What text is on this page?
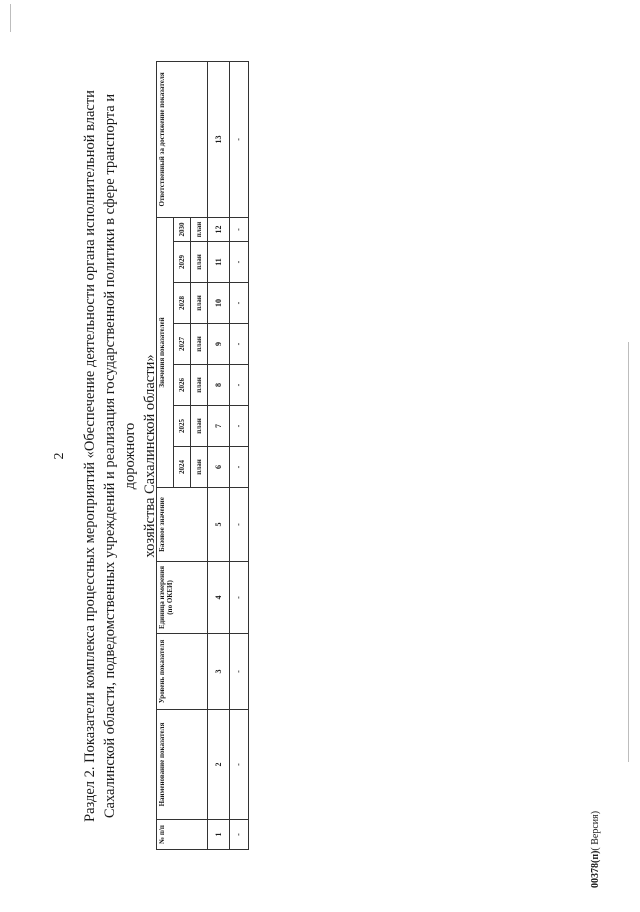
2 Раздел 2. Показатели комплекса процессных мероприятий «Обеспечение деятельности органа исполнительной власти Сахалинской области, подведомственных учреждений и реализация государственной политики в сфере транспорта и дорожного хозяйства Сахалинской области»
№ п/п	Наименование показателя	Уровень показателя	Единица измерения (по ОКЕИ)	Базовое значение	Значения показателей							Ответственный за достижение показателя
					2024	2025	2026	2027	2028	2029	2030	
					план	план	план	план	план	план	план	
1	2	3	4	5	6	7	8	9	10	11	12	13
-	-	-	-	-	-	-	-	-	-	-	-	-
00378(п)( Версия)
